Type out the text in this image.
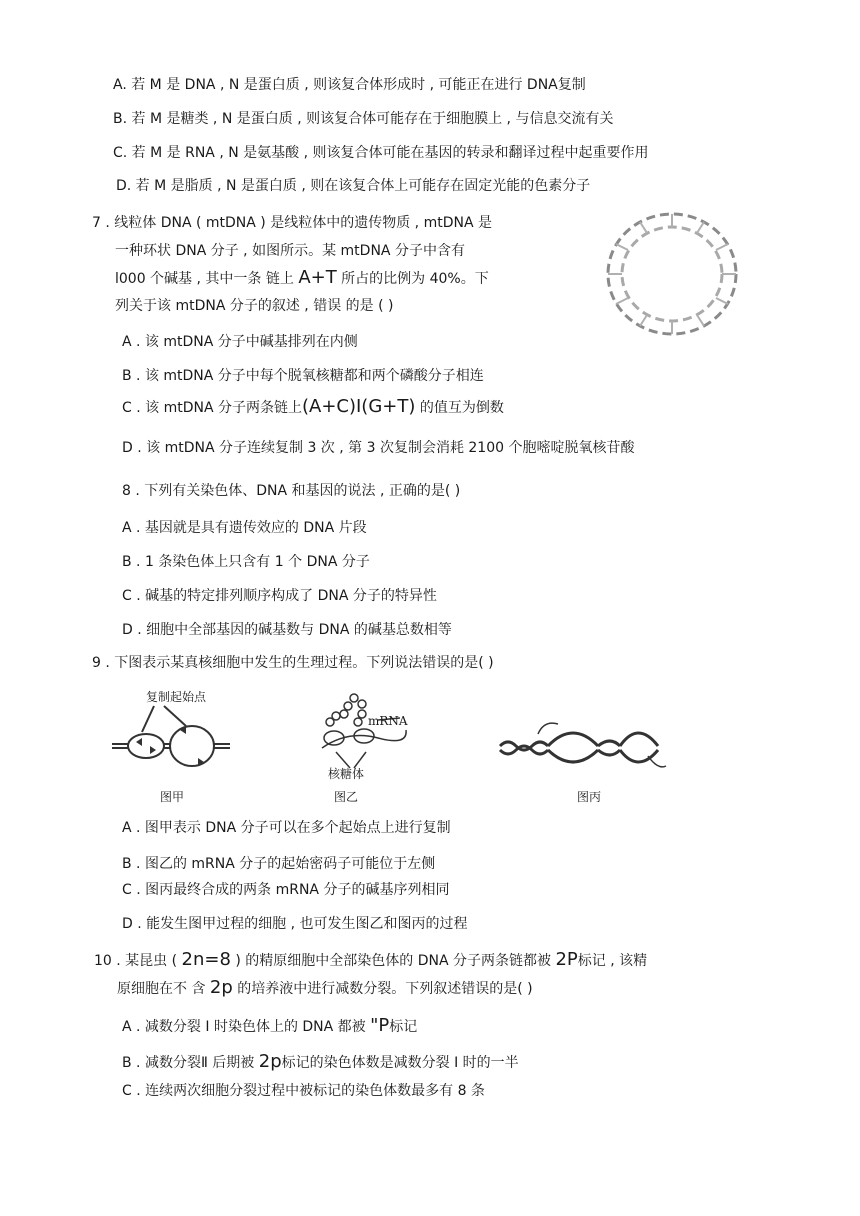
A. 若 M 是 DNA , N 是蛋白质 , 则该复合体形成时 , 可能正在进行 DNA复制
B. 若 M 是糖类 , N 是蛋白质 , 则该复合体可能存在于细胞膜上 , 与信息交流有关
C. 若 M 是 RNA , N 是氨基酸 , 则该复合体可能在基因的转录和翻译过程中起重要作用
D. 若 M 是脂质 , N 是蛋白质 , 则在该复合体上可能存在固定光能的色素分子
7 . 线粒体 DNA ( mtDNA ) 是线粒体中的遗传物质 , mtDNA 是
一种环状 DNA 分子 , 如图所示。某 mtDNA 分子中含有
l000 个碱基 , 其中一条 链上 A+T 所占的比例为 40%。下
列关于该 mtDNA 分子的叙述 , 错误 的是 ( )
A . 该 mtDNA 分子中碱基排列在内侧
B . 该 mtDNA 分子中每个脱氧核糖都和两个磷酸分子相连
C . 该 mtDNA 分子两条链上(A+C)I(G+T) 的值互为倒数
D . 该 mtDNA 分子连续复制 3 次 , 第 3 次复制会消耗 2100 个胞嘧啶脱氧核苷酸
8 . 下列有关染色体、DNA 和基因的说法 , 正确的是( )
A . 基因就是具有遗传效应的 DNA 片段
B . 1 条染色体上只含有 1 个 DNA 分子
C . 碱基的特定排列顺序构成了 DNA 分子的特异性
D . 细胞中全部基因的碱基数与 DNA 的碱基总数相等
9 . 下图表示某真核细胞中发生的生理过程。下列说法错误的是( )
复制起始点
图甲
mRNA
核糖体
图乙	图丙
A . 图甲表示 DNA 分子可以在多个起始点上进行复制
B . 图乙的 mRNA 分子的起始密码子可能位于左侧
C . 图丙最终合成的两条 mRNA 分子的碱基序列相同
D . 能发生图甲过程的细胞 , 也可发生图乙和图丙的过程
10 . 某昆虫 ( 2n=8 ) 的精原细胞中全部染色体的 DNA 分子两条链都被 2P标记 , 该精
原细胞在不 含 2p 的培养液中进行减数分裂。下列叙述错误的是( )
A . 减数分裂 Ⅰ 时染色体上的 DNA 都被 "P标记
B . 减数分裂Ⅱ 后期被 2p标记的染色体数是减数分裂 Ⅰ 时的一半
C . 连续两次细胞分裂过程中被标记的染色体数最多有 8 条
